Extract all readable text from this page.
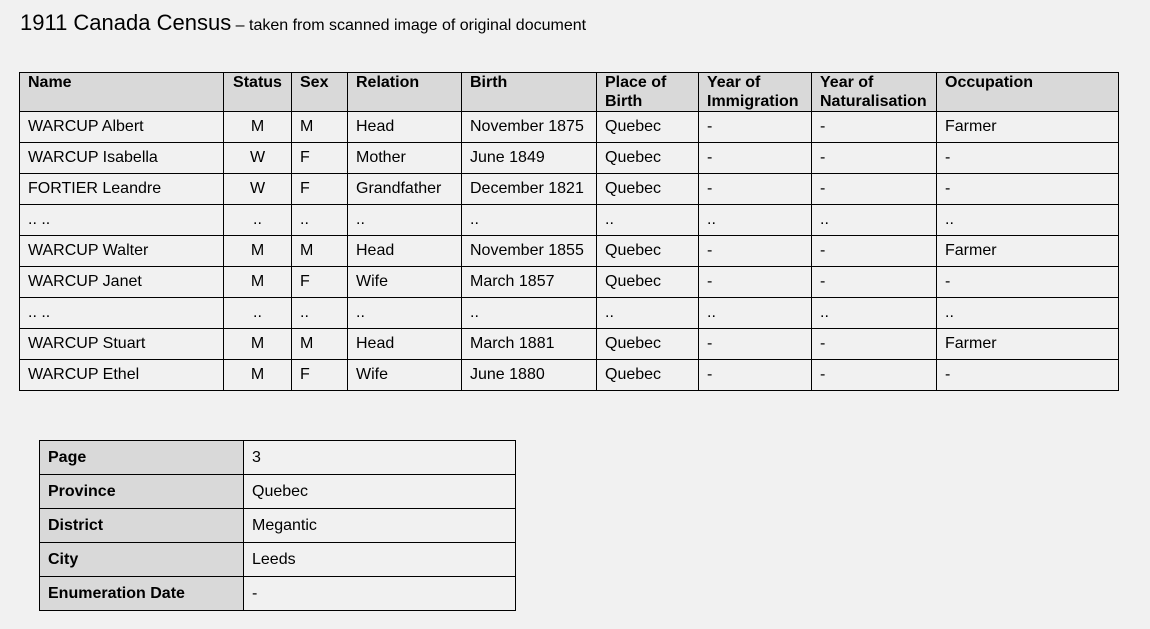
1911 Canada Census – taken from scanned image of original document
Name	Status	Sex	Relation	Birth	Place of Birth	Year of Immigration	Year of Naturalisation	Occupation
WARCUP Albert	M	M	Head	November 1875	Quebec	-	-	Farmer
WARCUP Isabella	W	F	Mother	June 1849	Quebec	-	-	-
FORTIER Leandre	W	F	Grandfather	December 1821	Quebec	-	-	-
.. ..	..	..	..	..	..	..	..	..
WARCUP Walter	M	M	Head	November 1855	Quebec	-	-	Farmer
WARCUP Janet	M	F	Wife	March 1857	Quebec	-	-	-
.. ..	..	..	..	..	..	..	..	..
WARCUP Stuart	M	M	Head	March 1881	Quebec	-	-	Farmer
WARCUP Ethel	M	F	Wife	June 1880	Quebec	-	-	-
Page	3
Province	Quebec
District	Megantic
City	Leeds
Enumeration Date	-
